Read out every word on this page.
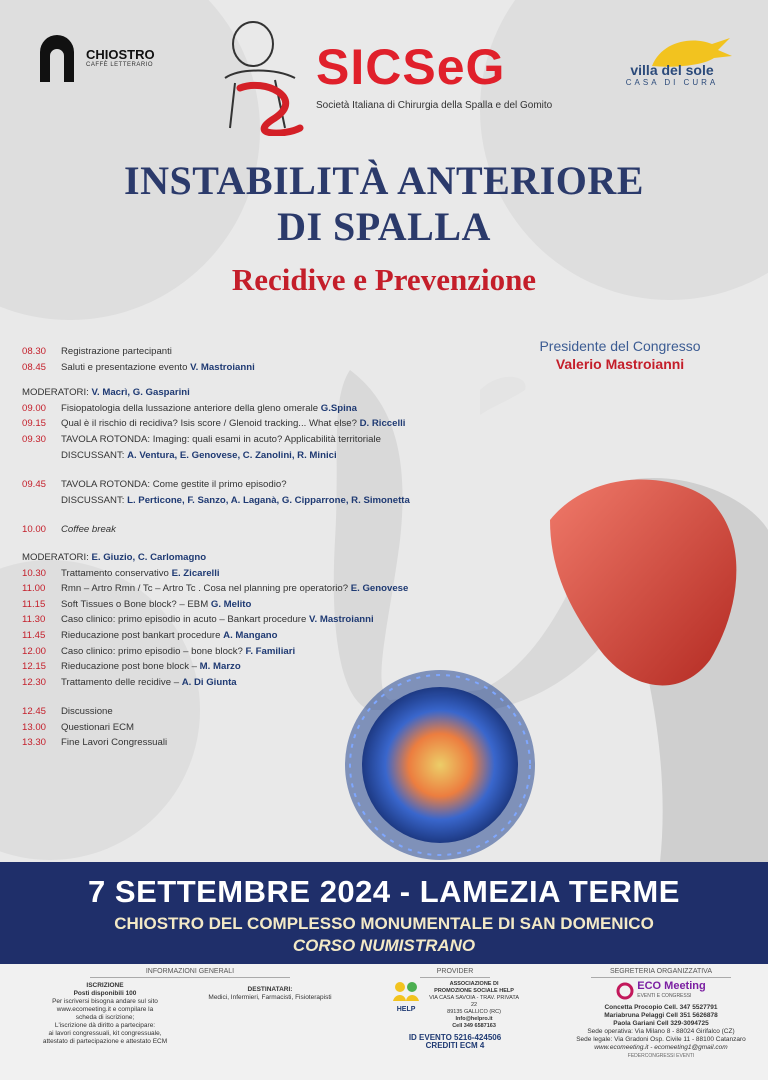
CHIOSTRO
CAFFÈ LETTERARIO	SICSeG
Società Italiana di Chirurgia della Spalla e del Gomito
villa del sole
CASA DI CURA
INSTABILITÀ ANTERIORE
DI SPALLA
Recidive e Prevenzione
Presidente del Congresso
Valerio Mastroianni
08.30	Registrazione partecipanti
08.45	Saluti e presentazione evento V. Mastroianni
MODERATORI: V. Macrì, G. Gasparini
09.00	Fisiopatologia della lussazione anteriore della gleno omerale G.Spina
09.15	Qual è il rischio di recidiva? Isis score / Glenoid tracking... What else? D. Riccelli
09.30	TAVOLA ROTONDA: Imaging: quali esami in acuto? Applicabilità territoriale
DISCUSSANT: A. Ventura, E. Genovese, C. Zanolini, R. Minici
09.45	TAVOLA ROTONDA: Come gestite il primo episodio?
DISCUSSANT: L. Perticone, F. Sanzo, A. Laganà, G. Cipparrone, R. Simonetta
10.00	Coffee break
MODERATORI: E. Giuzio, C. Carlomagno
10.30	Trattamento conservativo E. Zicarelli
11.00	Rmn – Artro Rmn / Tc – Artro Tc . Cosa nel planning pre operatorio? E. Genovese
11.15	Soft Tissues o Bone block? – EBM G. Melito
11.30	Caso clinico: primo episodio in acuto – Bankart procedure V. Mastroianni
11.45	Rieducazione post bankart procedure A. Mangano
12.00	Caso clinico: primo episodio – bone block? F. Familiari
12.15	Rieducazione post bone block – M. Marzo
12.30	Trattamento delle recidive – A. Di Giunta
12.45	Discussione
13.00	Questionari ECM
13.30	Fine Lavori Congressuali
7 SETTEMBRE 2024 - LAMEZIA TERME
CHIOSTRO DEL COMPLESSO MONUMENTALE DI SAN DOMENICO
CORSO NUMISTRANO
INFORMAZIONI GENERALI
ISCRIZIONE
Posti disponibili 100
Per iscriversi bisogna andare sul sito
www.ecomeeting.it e compilare la
scheda di iscrizione;
L'iscrizione dà diritto a partecipare:
ai lavori congressuali, kit congressuale,
attestato di partecipazione e attestato ECM
DESTINATARI:
Medici, Infermieri, Farmacisti, Fisioterapisti
PROVIDER
HELP
ASSOCIAZIONE DI
PROMOZIONE SOCIALE HELP
VIA CASA SAVOIA - TRAV. PRIVATA 22
89135 GALLICO (RC)
Info@helpro.it
Cell 349 6587163
ID EVENTO 5216-424506
CREDITI ECM 4
SEGRETERIA ORGANIZZATIVA
ECO Meeting
EVENTI E CONGRESSI
Concetta Procopio Cell. 347 5527791
Mariabruna Pelaggi Cell 351 5626878
Paola Gariani Cell 329-3094725
Sede operativa: Via Milano 8 - 88024 Girifalco (CZ)
Sede legale: Via Gradoni Osp. Civile 11 - 88100 Catanzaro
www.ecomeeting.it - ecomeeting1@gmail.com
FEDERCONGRESSI EVENTI
